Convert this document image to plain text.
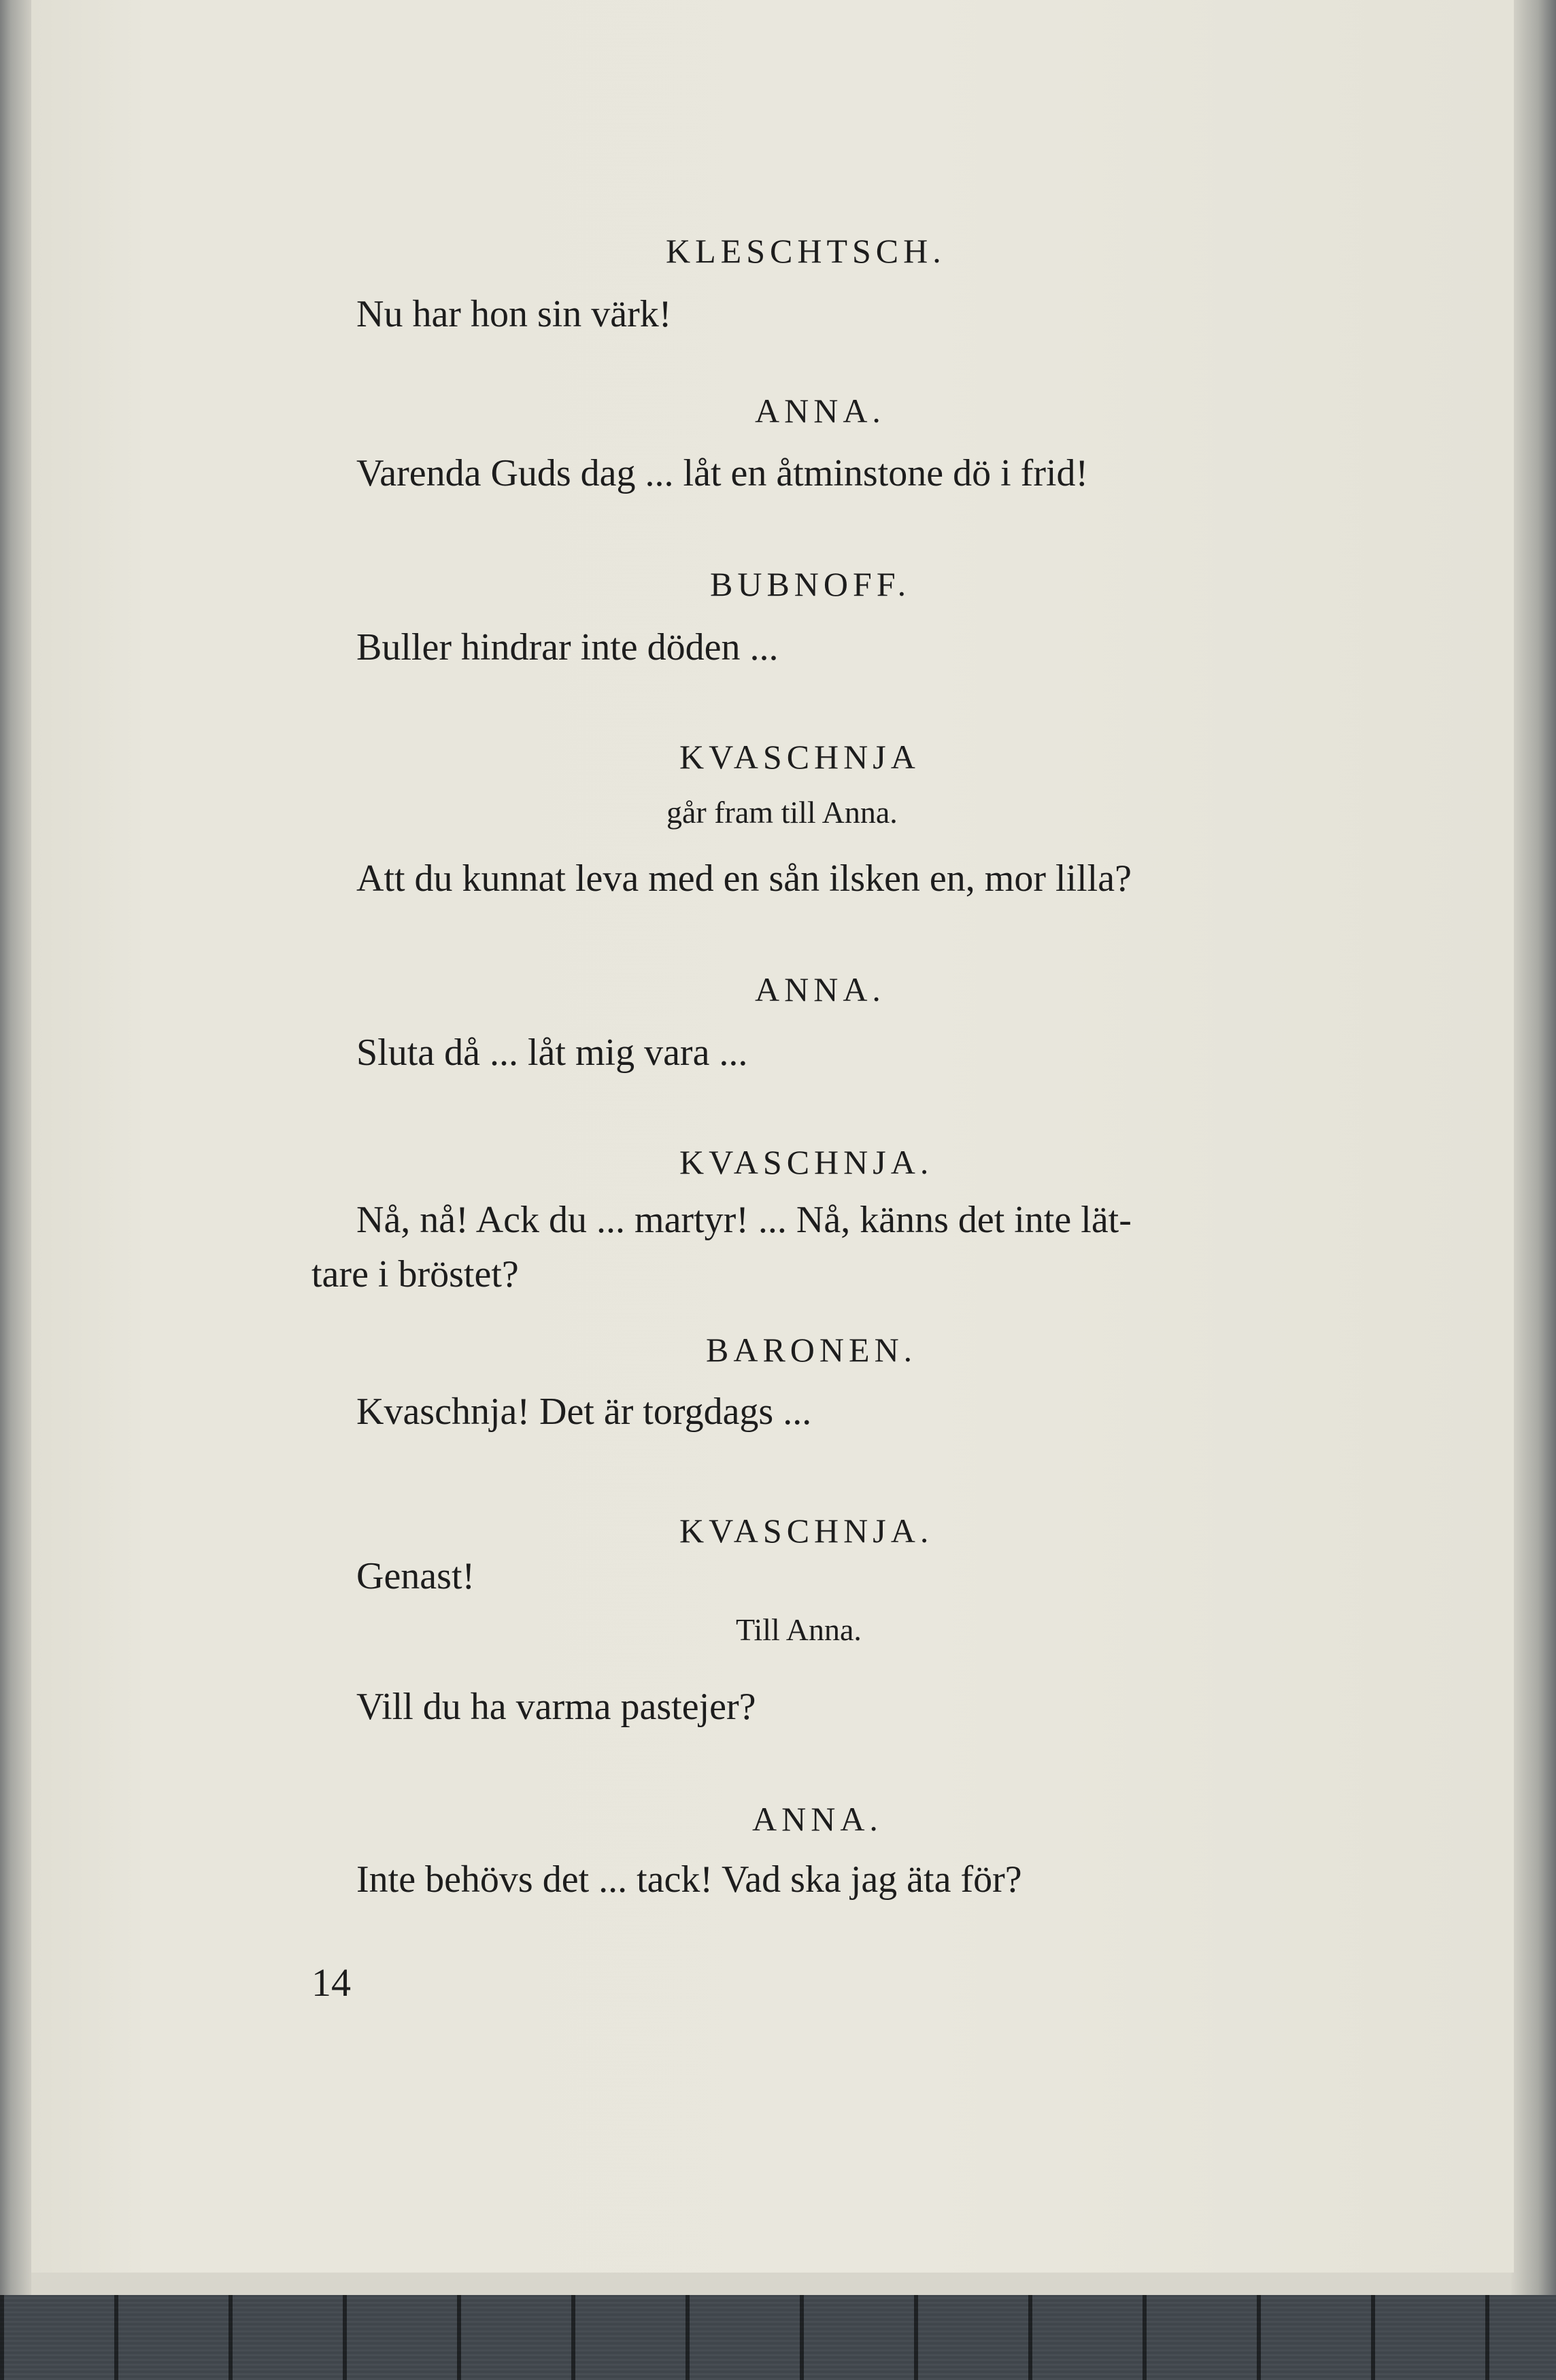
KLESCHTSCH.
Nu har hon sin värk!
ANNA.
Varenda Guds dag ... låt en åtminstone dö i frid!
BUBNOFF.
Buller hindrar inte döden ...
KVASCHNJA
går fram till Anna.
Att du kunnat leva med en sån ilsken en, mor lilla?
ANNA.
Sluta då ... låt mig vara ...
KVASCHNJA.
Nå, nå! Ack du ... martyr! ... Nå, känns det inte lät-
tare i bröstet?
BARONEN.
Kvaschnja! Det är torgdags ...
KVASCHNJA.
Genast!
Till Anna.
Vill du ha varma pastejer?
ANNA.
Inte behövs det ... tack! Vad ska jag äta för?
14
